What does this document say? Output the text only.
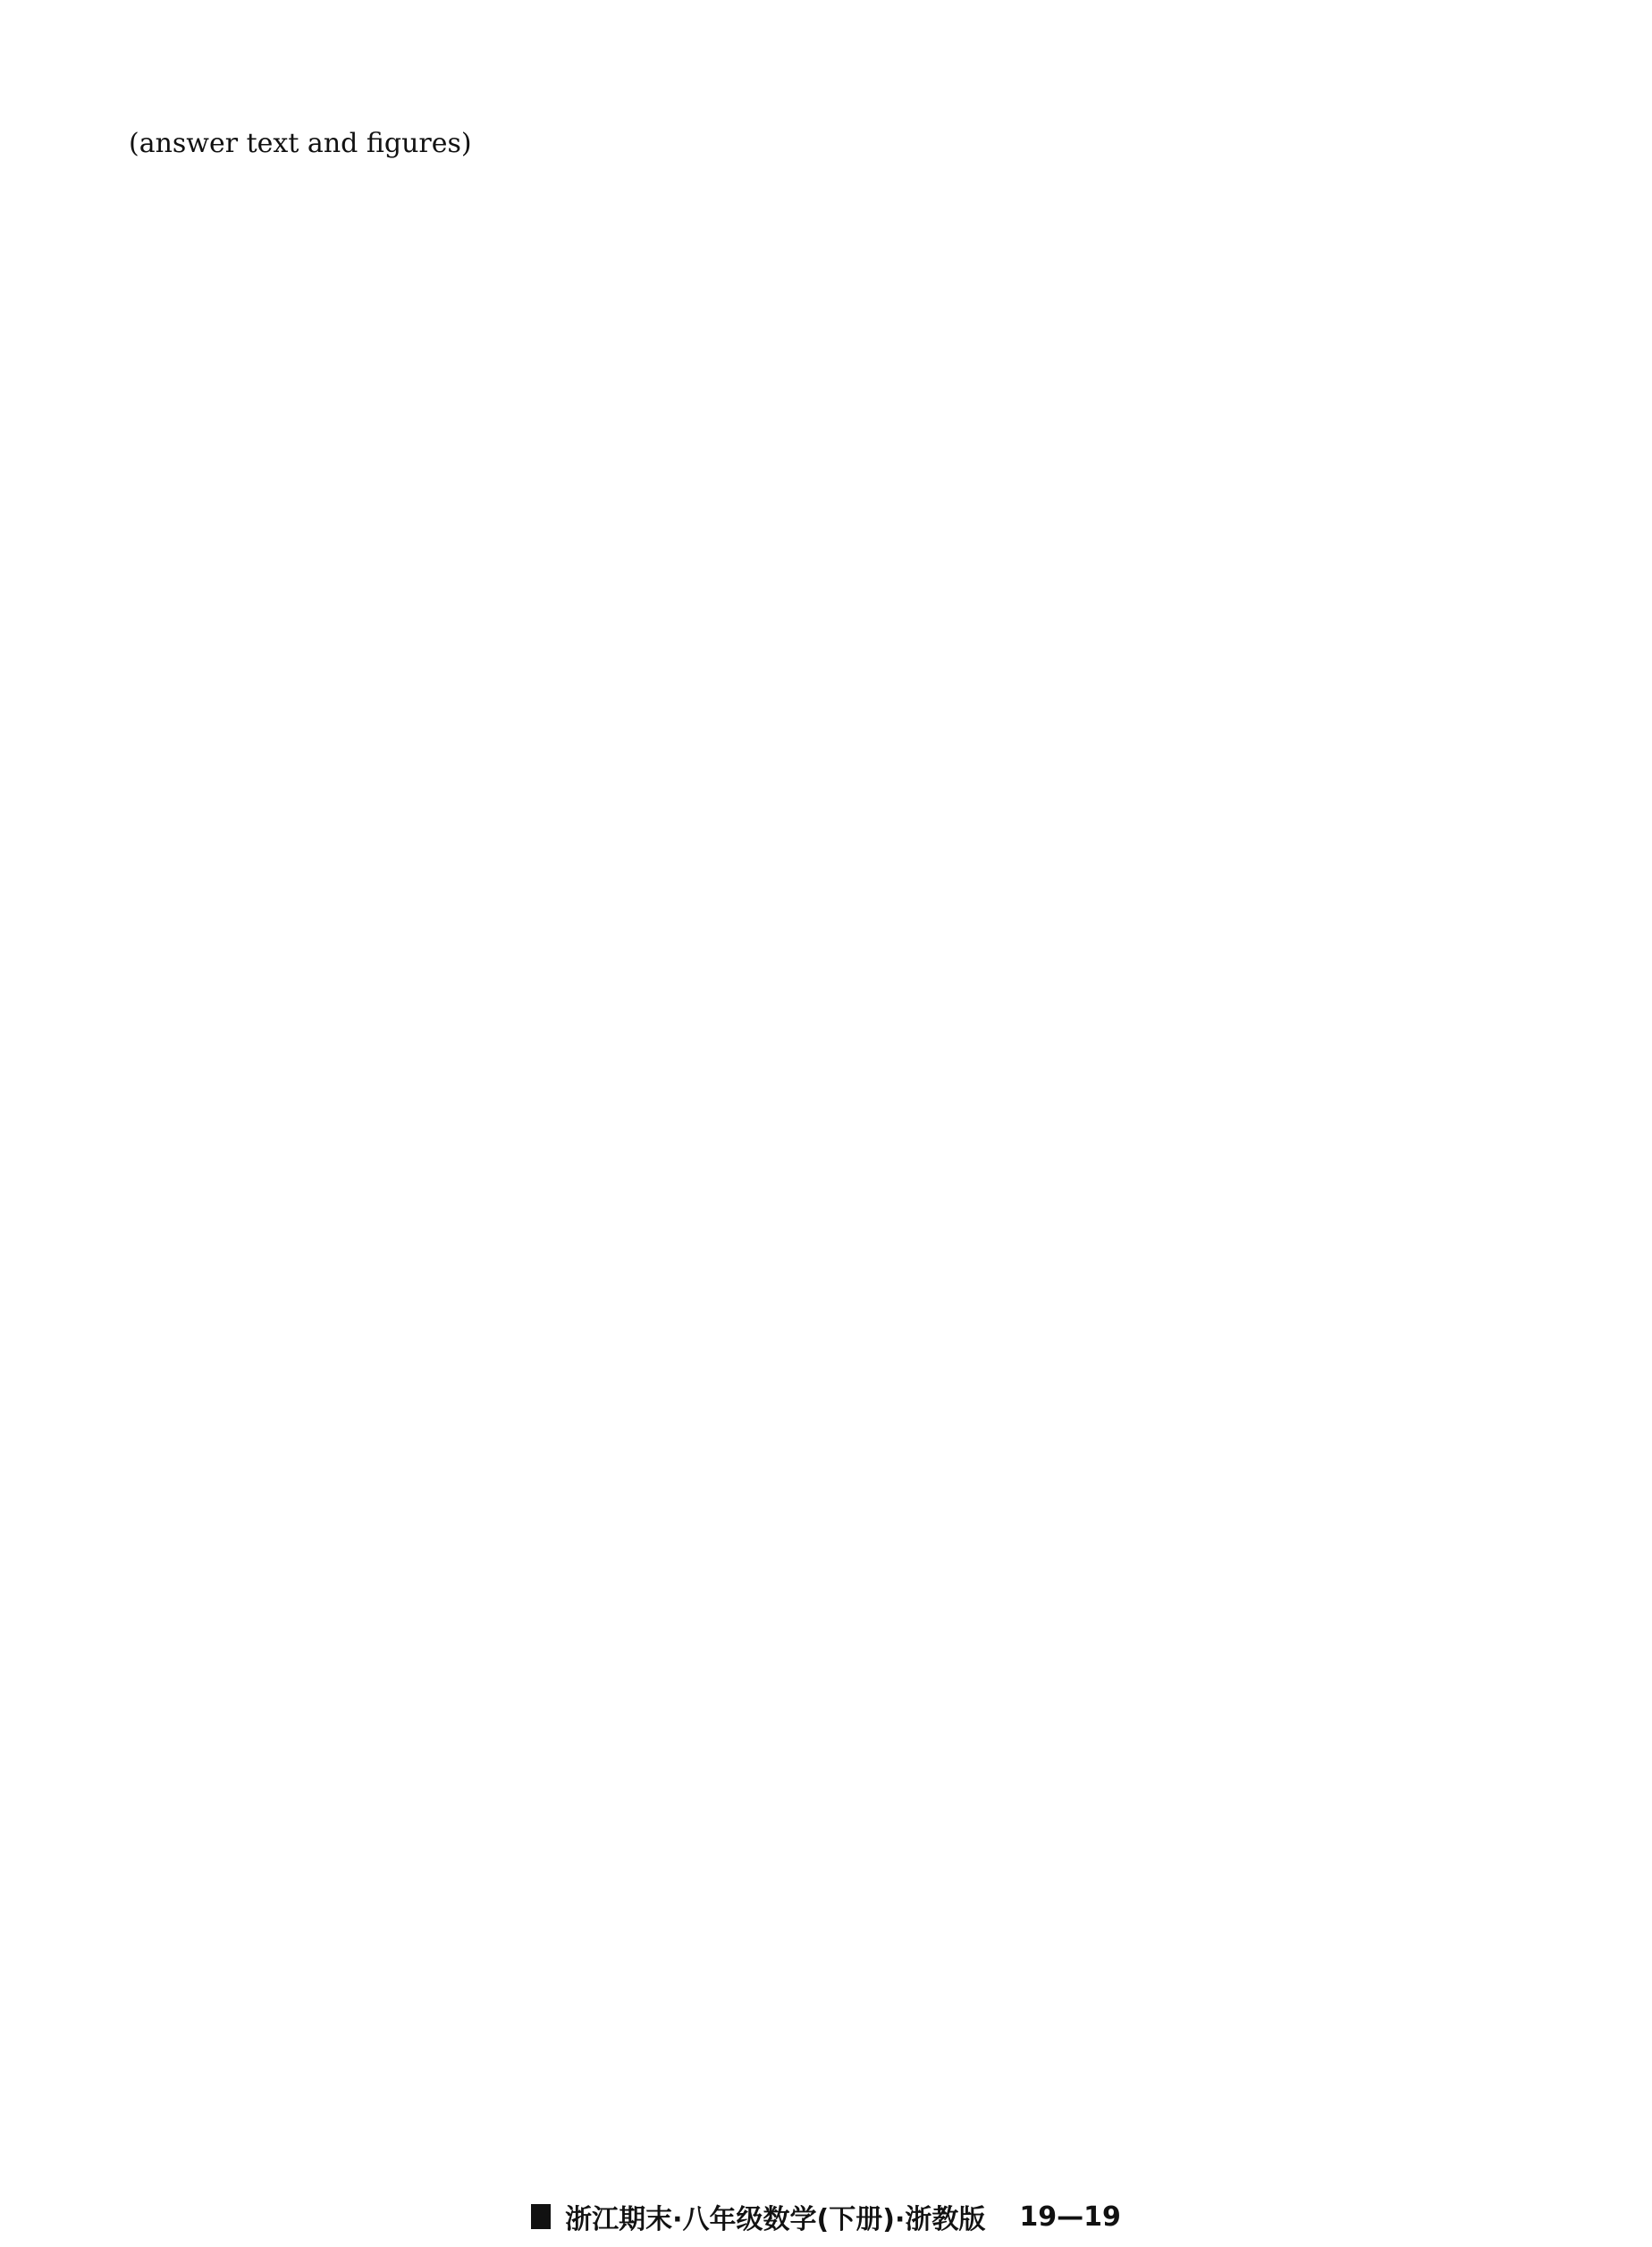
(answer text and figures)
浙江期末·八年级数学(下册)·浙教版 19—19
